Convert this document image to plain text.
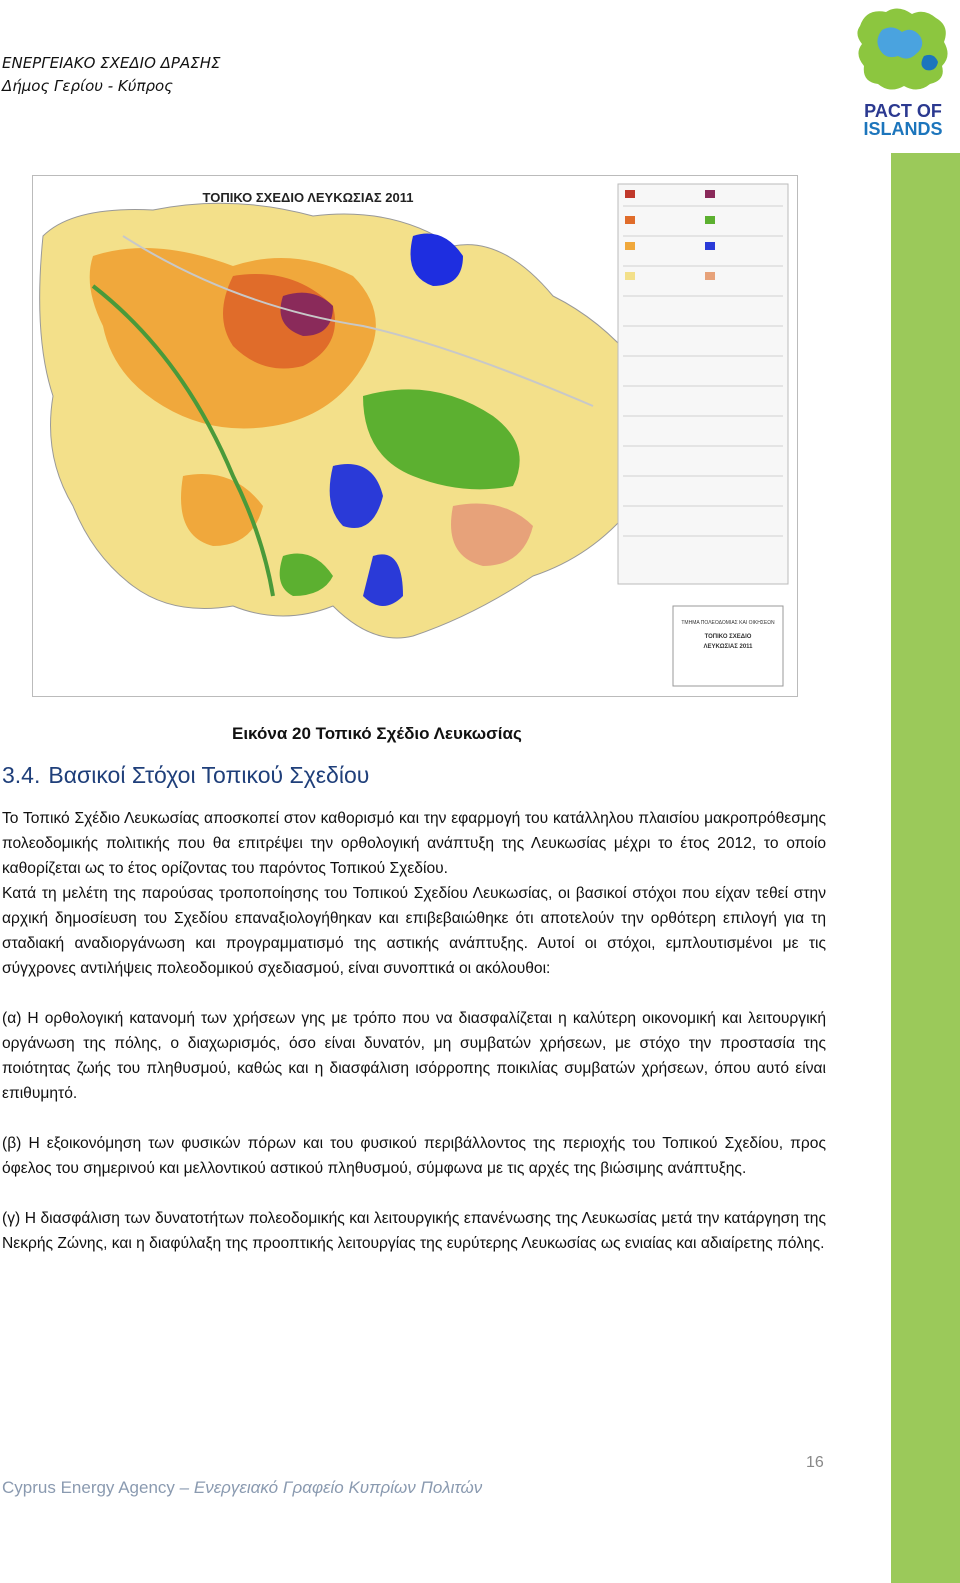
ΕΝΕΡΓΕΙΑΚΟ ΣΧΕΔΙΟ ΔΡΑΣΗΣ
Δήμος Γερίου - Κύπρος
PACT OF
ISLANDS
ΤΟΠΙΚΟ ΣΧΕΔΙΟ ΛΕΥΚΩΣΙΑΣ 2011
ΤΜΗΜΑ ΠΟΛΕΟΔΟΜΙΑΣ ΚΑΙ ΟΙΚΗΣΕΩΝ
ΤΟΠΙΚΟ ΣΧΕΔΙΟ
ΛΕΥΚΩΣΙΑΣ 2011
Εικόνα 20 Τοπικό Σχέδιο Λευκωσίας
3.4. Βασικοί Στόχοι Τοπικού Σχεδίου

Το Τοπικό Σχέδιο Λευκωσίας αποσκοπεί στον καθορισμό και την εφαρμογή του κατάλληλου πλαισίου μακροπρόθεσμης πολεοδομικής πολιτικής που θα επιτρέψει την ορθολογική ανάπτυξη της Λευκωσίας μέχρι το έτος 2012, το οποίο καθορίζεται ως το έτος ορίζοντας του παρόντος Τοπικού Σχεδίου.

Κατά τη μελέτη της παρούσας τροποποίησης του Τοπικού Σχεδίου Λευκωσίας, οι βασικοί στόχοι που είχαν τεθεί στην αρχική δημοσίευση του Σχεδίου επαναξιολογήθηκαν και επιβεβαιώθηκε ότι αποτελούν την ορθότερη επιλογή για τη σταδιακή αναδιοργάνωση και προγραμματισμό της αστικής ανάπτυξης. Αυτοί οι στόχοι, εμπλουτισμένοι με τις σύγχρονες αντιλήψεις πολεοδομικού σχεδιασμού, είναι συνοπτικά οι ακόλουθοι:

(α) Η ορθολογική κατανομή των χρήσεων γης με τρόπο που να διασφαλίζεται η καλύτερη οικονομική και λειτουργική οργάνωση της πόλης, ο διαχωρισμός, όσο είναι δυνατόν, μη συμβατών χρήσεων, με στόχο την προστασία της ποιότητας ζωής του πληθυσμού, καθώς και η διασφάλιση ισόρροπης ποικιλίας συμβατών χρήσεων, όπου αυτό είναι επιθυμητό.

(β) Η εξοικονόμηση των φυσικών πόρων και του φυσικού περιβάλλοντος της περιοχής του Τοπικού Σχεδίου, προς όφελος του σημερινού και μελλοντικού αστικού πληθυσμού, σύμφωνα με τις αρχές της βιώσιμης ανάπτυξης.

(γ) Η διασφάλιση των δυνατοτήτων πολεοδομικής και λειτουργικής επανένωσης της Λευκωσίας μετά την κατάργηση της Νεκρής Ζώνης, και η διαφύλαξη της προοπτικής λειτουργίας της ευρύτερης Λευκωσίας ως ενιαίας και αδιαίρετης πόλης.

16
Cyprus Energy Agency – Ενεργειακό Γραφείο Κυπρίων Πολιτών
